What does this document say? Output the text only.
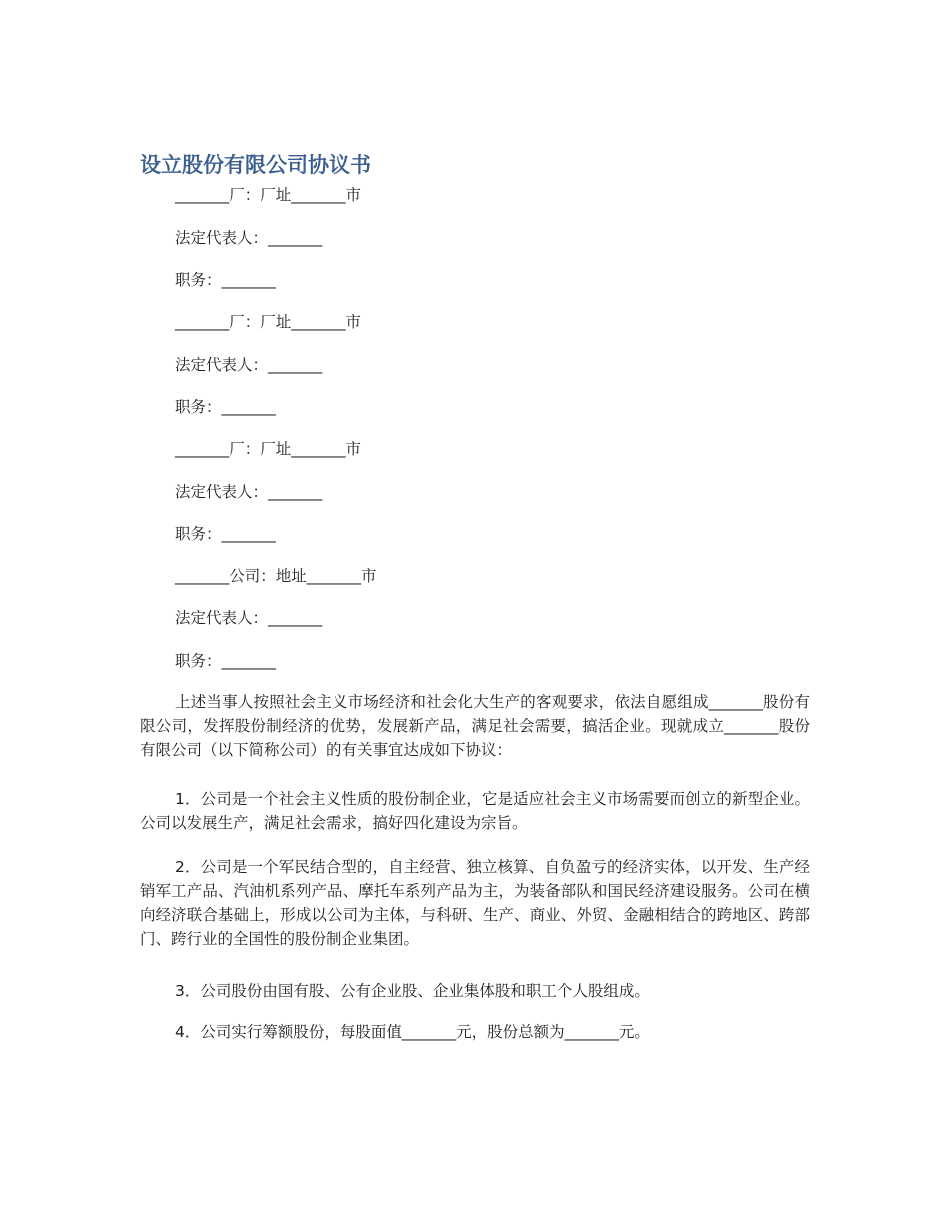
设立股份有限公司协议书

_______厂：厂址_______市

法定代表人：_______

职务：_______

_______厂：厂址_______市

法定代表人：_______

职务：_______

_______厂：厂址_______市

法定代表人：_______

职务：_______

_______公司：地址_______市

法定代表人：_______

职务：_______

上述当事人按照社会主义市场经济和社会化大生产的客观要求，依法自愿组成_______股份有限公司，发挥股份制经济的优势，发展新产品，满足社会需要，搞活企业。现就成立_______股份有限公司（以下简称公司）的有关事宜达成如下协议：

1．公司是一个社会主义性质的股份制企业，它是适应社会主义市场需要而创立的新型企业。公司以发展生产，满足社会需求，搞好四化建设为宗旨。

2．公司是一个军民结合型的，自主经营、独立核算、自负盈亏的经济实体，以开发、生产经销军工产品、汽油机系列产品、摩托车系列产品为主，为装备部队和国民经济建设服务。公司在横向经济联合基础上，形成以公司为主体，与科研、生产、商业、外贸、金融相结合的跨地区、跨部门、跨行业的全国性的股份制企业集团。

3．公司股份由国有股、公有企业股、企业集体股和职工个人股组成。

4．公司实行筹额股份，每股面值_______元，股份总额为_______元。
